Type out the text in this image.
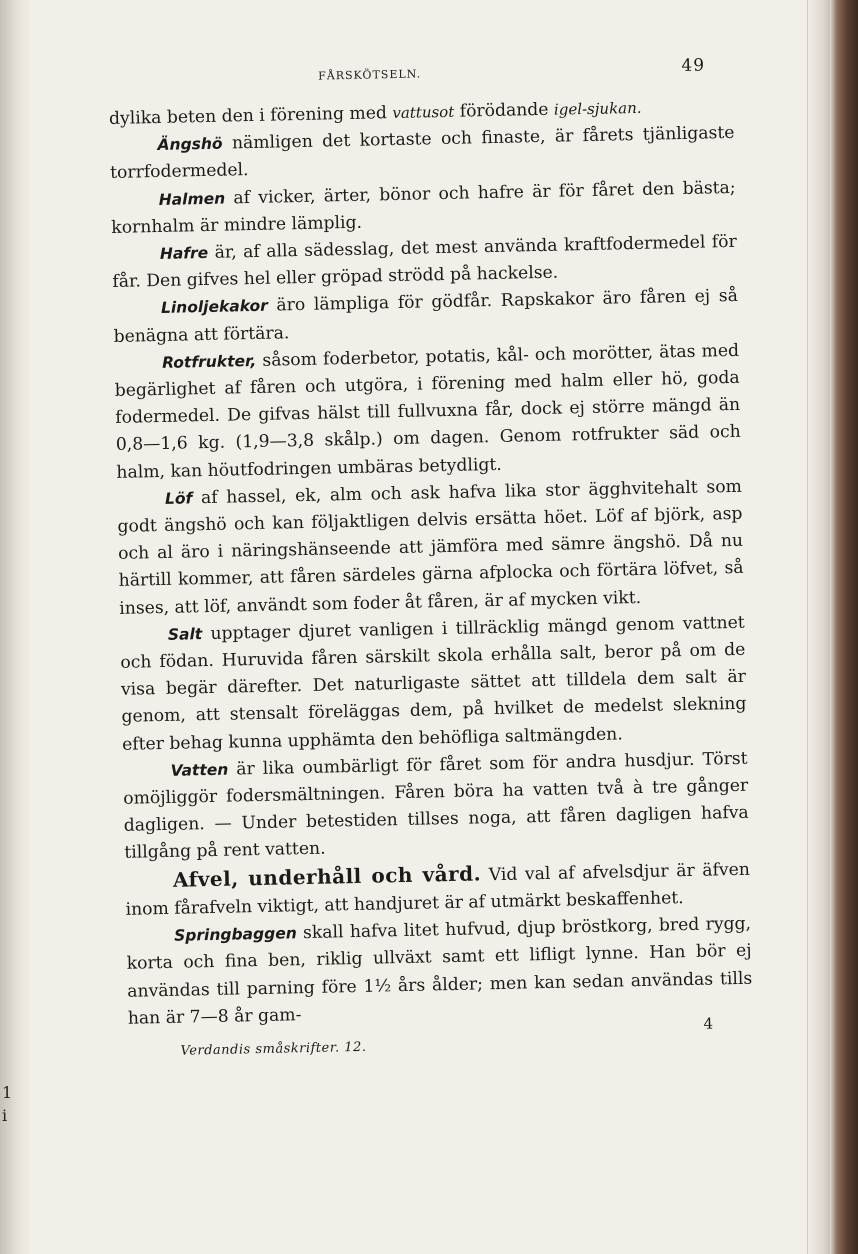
1
i
FÅRSKÖTSELN.	49

dylika beten den i förening med vattusot förödande igel-sjukan.

Ängshö nämligen det kortaste och finaste, är fårets tjänligaste torrfodermedel.

Halmen af vicker, ärter, bönor och hafre är för fåret den bästa; kornhalm är mindre lämplig.

Hafre är, af alla sädesslag, det mest använda kraftfodermedel för får. Den gifves hel eller gröpad strödd på hackelse.

Linoljekakor äro lämpliga för gödfår. Rapskakor äro fåren ej så benägna att förtära.

Rotfrukter, såsom foderbetor, potatis, kål- och morötter, ätas med begärlighet af fåren och utgöra, i förening med halm eller hö, goda fodermedel. De gifvas hälst till fullvuxna får, dock ej större mängd än 0,8—1,6 kg. (1,9—3,8 skålp.) om dagen. Genom rotfrukter säd och halm, kan höutfodringen umbäras betydligt.

Löf af hassel, ek, alm och ask hafva lika stor ägghvitehalt som godt ängshö och kan följaktligen delvis ersätta höet. Löf af björk, asp och al äro i näringshänseende att jämföra med sämre ängshö. Då nu härtill kommer, att fåren särdeles gärna afplocka och förtära löfvet, så inses, att löf, användt som foder åt fåren, är af mycken vikt.

Salt upptager djuret vanligen i tillräcklig mängd genom vattnet och födan. Huruvida fåren särskilt skola erhålla salt, beror på om de visa begär därefter. Det naturligaste sättet att tilldela dem salt är genom, att stensalt föreläggas dem, på hvilket de medelst slekning efter behag kunna upphämta den behöfliga saltmängden.

Vatten är lika oumbärligt för fåret som för andra husdjur. Törst omöjliggör fodersmältningen. Fåren böra ha vatten två à tre gånger dagligen. — Under betestiden tillses noga, att fåren dagligen hafva tillgång på rent vatten.

Afvel, underhåll och vård. Vid val af afvelsdjur är äfven inom fårafveln viktigt, att handjuret är af utmärkt beskaffenhet.

Springbaggen skall hafva litet hufvud, djup bröstkorg, bred rygg, korta och fina ben, riklig ullväxt samt ett lifligt lynne. Han bör ej användas till parning före 1½ års ålder; men kan sedan användas tills han är 7—8 år gam-

Verdandis småskrifter. 12.
4
